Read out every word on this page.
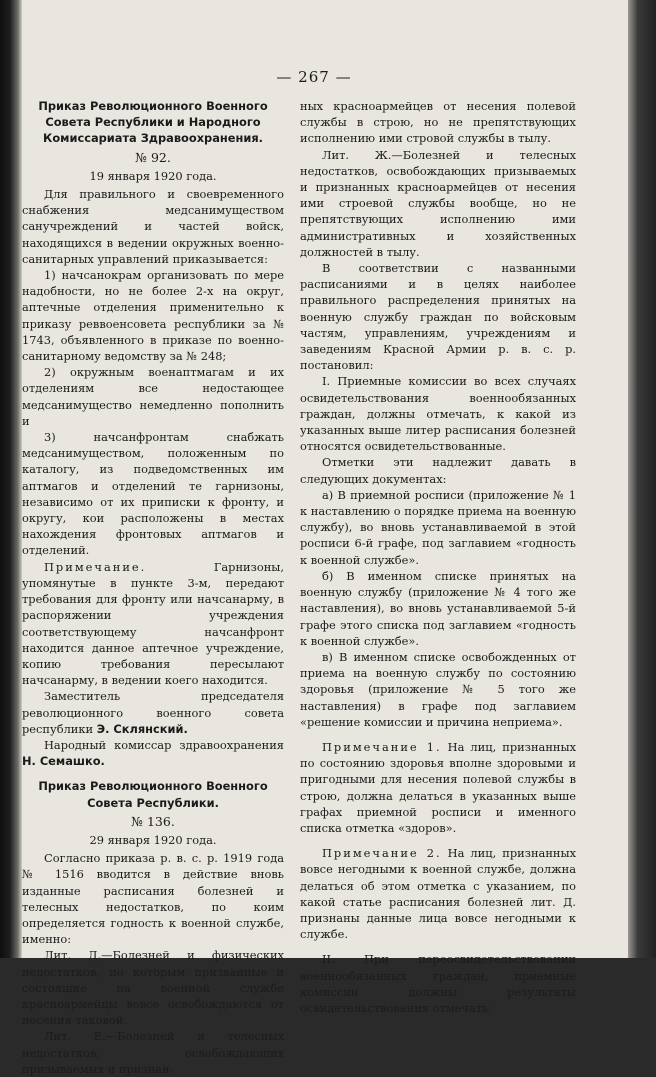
— 267 —

Приказ Революционного Военного Совета Республики и Народного Комиссариата Здравоохранения.

№ 92.

19 января 1920 года.

Для правильного и своевременного снабжения медсанимуществом санучреждений и частей войск, находящихся в ведении окружных военно-санитарных управлений приказывается:

1) начсанокрам организовать по мере надобности, но не более 2-х на округ, аптечные отделения применительно к приказу реввоенсовета республики за № 1743, объявленного в приказе по военно-санитарному ведомству за № 248;

2) окружным военаптмагам и их отделениям все недостающее медсанимущество немедленно пополнить и

3) начсанфронтам снабжать медсанимуществом, положенным по каталогу, из подведомственных им аптмагов и отделений те гарнизоны, независимо от их приписки к фронту, и округу, кои расположены в местах нахождения фронтовых аптмагов и отделений.

Примечание.	Гарнизоны, упомянутые в пункте 3-м, передают требования для фронту или начсанарму, в распоряжении учреждения соответствующему начсанфронт находится данное аптечное учреждение, копию требования пересылают начсанарму, в ведении коего находится.

Заместитель председателя революционного военного совета республики Э. Склянский.

Народный комиссар здравоохранения Н. Семашко.

Приказ Революционного Военного Совета Республики.

№ 136.

29 января 1920 года.

Согласно приказа р. в. с. р. 1919 года № 1516 вводится в действие вновь изданные расписания болезней и телесных недостатков, по коим определяется годность к военной службе, именно:

Лит. Д.—Болезней и физических недостатков, по которым призванные и состоящие на военной службе красноармейцы вовсе освобождаются от несения таковой.

Лит. Е.—Болезней и телесных недостатков, освобождающих призываемых и признан-

ных красноармейцев от несения полевой службы в строю, но не препятствующих исполнению ими стровой службы в тылу.

Лит. Ж.—Болезней и телесных недостатков, освобождающих призываемых и признанных красноармейцев от несения ими строевой службы вообще, но не препятствующих исполнению ими административных и хозяйственных должностей в тылу.

В соответствии с названными расписаниями и в целях наиболее правильного распределения принятых на военную службу граждан по войсковым частям, управлениям, учреждениям и заведениям Красной Армии р. в. с. р. постановил:

I. Приемные комиссии во всех случаях освидетельствования военнообязанных граждан, должны отмечать, к какой из указанных выше литер расписания болезней относятся освидетельствованные.

Отметки эти надлежит давать в следующих документах:

а) В приемной росписи (приложение № 1 к наставлению о порядке приема на военную службу), во вновь устанавливаемой в этой росписи 6-й графе, под заглавием «годность к военной службе».

б) В именном списке принятых на военную службу (приложение № 4 того же наставления), во вновь устанавливаемой 5-й графе этого списка под заглавием «годность к военной службе».

в) В именном списке освобожденных от приема на военную службу по состоянию здоровья (приложение № 5 того же наставления) в графе под заглавием «решение комиссии и причина неприема».

Примечание 1. На лиц, признанных по состоянию здоровья вполне здоровыми и пригодными для несения полевой службы в строю, должна делаться в указанных выше графах приемной росписи и именного списка отметка «здоров».

Примечание 2. На лиц, признанных вовсе негодными к военной службе, должна делаться об этом отметка с указанием, по какой статье расписания болезней лит. Д. признаны данные лица вовсе негодными к службе.

II. При переосвидетельствовании военнообязанных граждан, приемные комиссии должны результаты освидетельствования отмечать:
